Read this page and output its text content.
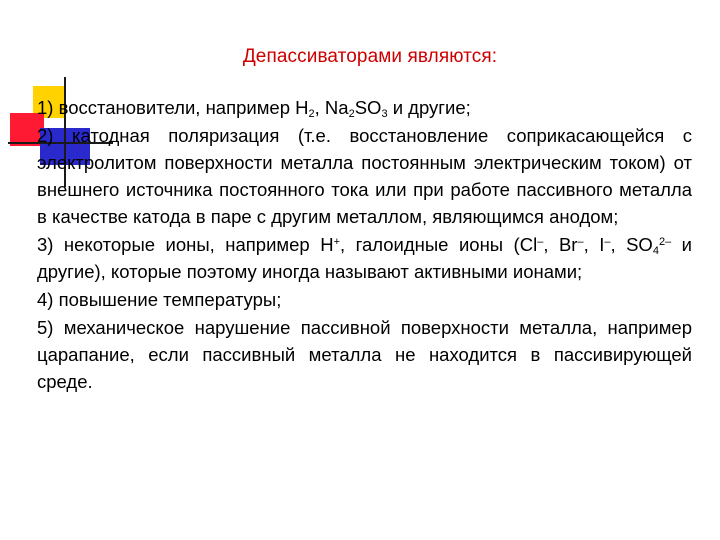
Депассиваторами являются:

1) восстановители, например $H_2$, $Na_2SO_3$ и другие;

2) катодная поляризация (т.е. восстановление соприкасающейся с электролитом поверхности металла постоянным электрическим током) от внешнего источника постоянного тока или при работе пассивного металла в качестве катода в паре с другим металлом, являющимся анодом;

3) некоторые ионы, например H+, галоидные ионы (Cl–, Br–, I–, $SO_4^{2-}$ и другие), которые поэтому иногда называют активными ионами;

4) повышение температуры;

5) механическое нарушение пассивной поверхности металла, например царапание, если пассивный металла не находится в пассивирующей среде.
